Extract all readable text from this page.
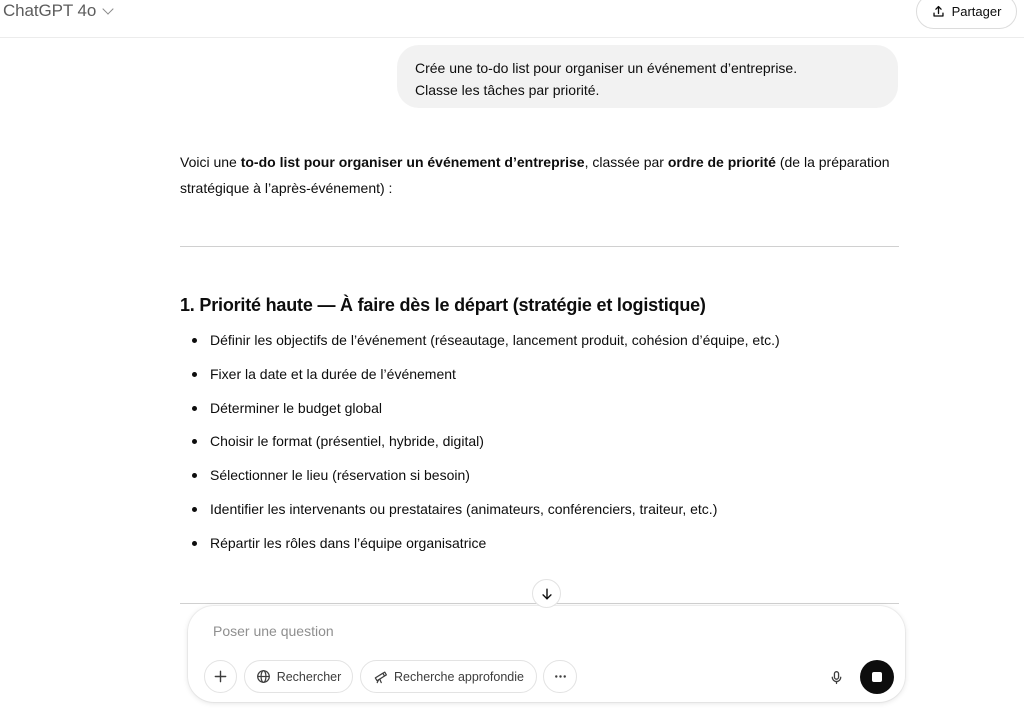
ChatGPT 4o	Partager
Crée une to-do list pour organiser un événement d’entreprise.
Classe les tâches par priorité.

Voici une to-do list pour organiser un événement d’entreprise, classée par ordre de priorité (de la préparation stratégique à l’après-événement) :

1. Priorité haute — À faire dès le départ (stratégie et logistique)
Définir les objectifs de l’événement (réseautage, lancement produit, cohésion d’équipe, etc.)
Fixer la date et la durée de l’événement
Déterminer le budget global
Choisir le format (présentiel, hybride, digital)
Sélectionner le lieu (réservation si besoin)
Identifier les intervenants ou prestataires (animateurs, conférenciers, traiteur, etc.)
Répartir les rôles dans l’équipe organisatrice
Poser une question
Rechercher	Recherche approfondie
